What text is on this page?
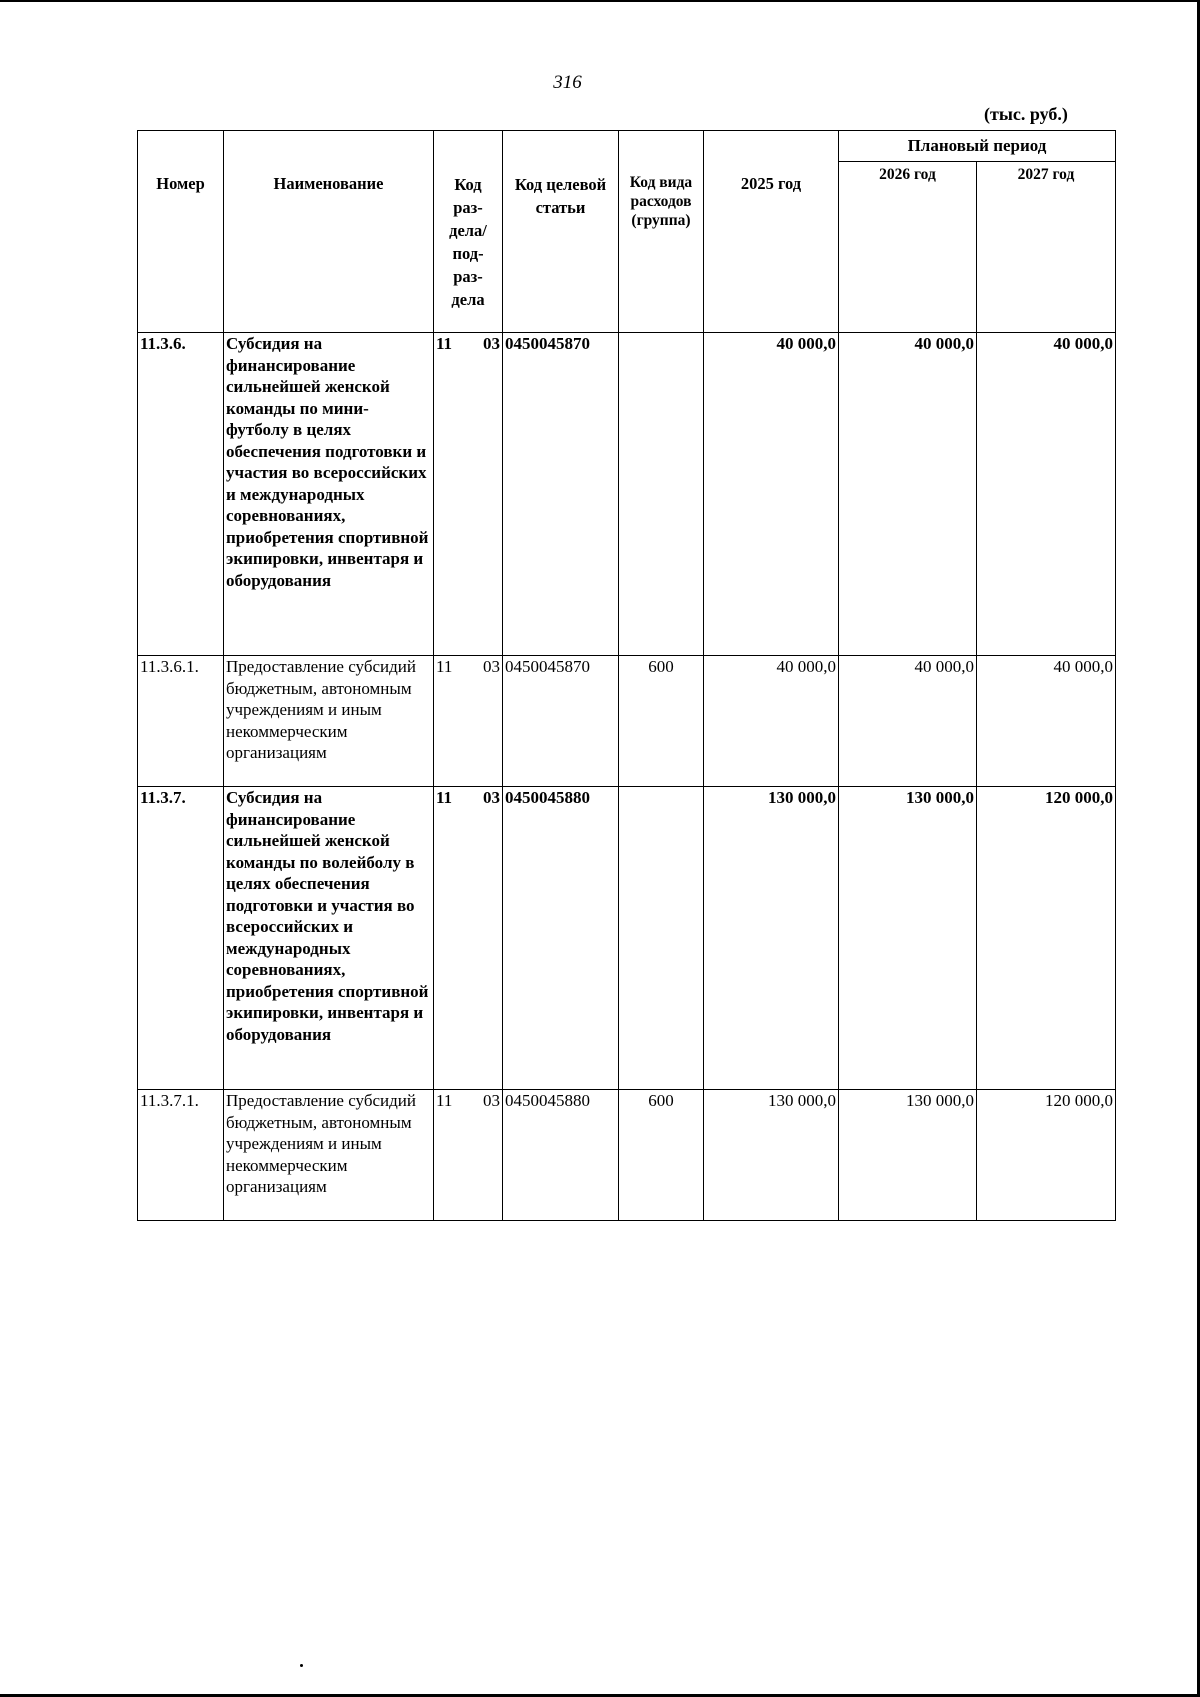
316
(тыс. руб.)
Номер	Наименование	Код раз- дела/ под- раз- дела	Код целевой статьи	Код вида расходов (группа)	2025 год	Плановый период	
						2026 год	2027 год
11.3.6.	Субсидия на финансирование сильнейшей женской команды по мини-футболу в целях обеспечения подготовки и участия во всероссийских и международных соревнованиях, приобретения спортивной экипировки, инвентаря и оборудования	11 03	0450045870		40 000,0	40 000,0	40 000,0
11.3.6.1.	Предоставление субсидий бюджетным, автономным учреждениям и иным некоммерческим организациям	11 03	0450045870	600	40 000,0	40 000,0	40 000,0
11.3.7.	Субсидия на финансирование сильнейшей женской команды по волейболу в целях обеспечения подготовки и участия во всероссийских и международных соревнованиях, приобретения спортивной экипировки, инвентаря и оборудования	11 03	0450045880		130 000,0	130 000,0	120 000,0
11.3.7.1.	Предоставление субсидий бюджетным, автономным учреждениям и иным некоммерческим организациям	11 03	0450045880	600	130 000,0	130 000,0	120 000,0
